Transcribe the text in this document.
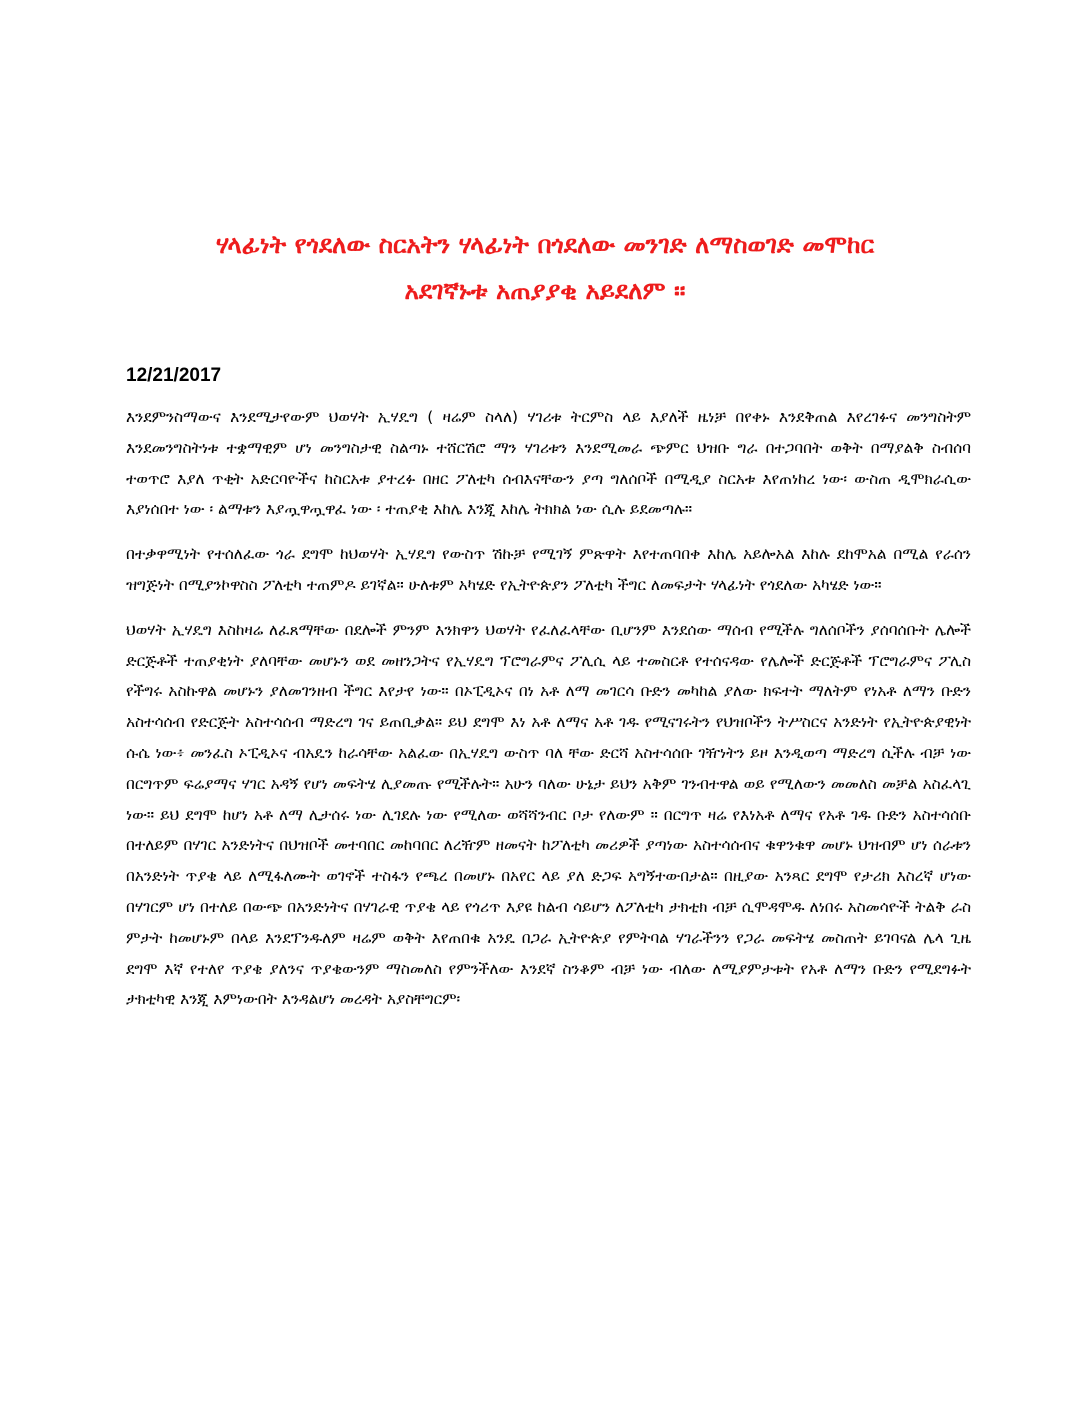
ሃላፊነት የጎደለው ስርአትን ሃላፊነት በጎደለው መንገድ ለማስወገድ መሞከር
አደገኛኑቱ አጠያያቂ አይደለም ።
12/21/2017

እንደምንስማውና እንደሚታየውም ህወሃት ኢሃዴግ ( ዛሬም ስላለ) ሃገሪቱ ትርምስ ላይ እያለች ዜነቻ በየቀኑ እንደቅጠል እየረገፉና መንግስትም እንደመንግስትነቱ ተቋማዊም ሆነ መንግስታዊ ስልጣኑ ተሸርሽሮ ማን ሃገሪቱን እንደሚመራ ጭምር ህዝቡ ግራ በተጋባበት ወቅት በማያልቅ ስብሰባ ተወጥሮ እያለ ጥቂት አድርባዮችና ከስርአቱ ያተረፉ በዘር ፖለቲካ ሰብእናቸውን ያጣ ግለሰቦች በሚዲያ ስርአቱ እየጠነከረ ነው፡ ውስጠ ዲሞክራሲው እያነሰበተ ነው ፡ ልማቱን እያጧዋጧዋፈ ነው ፡ ተጠያቂ እከሌ እንጂ እከሌ ትክክል ነው ሲሉ ይደመጣሉ።

በተቃዋሚነት የተሰለፈው ጎራ ደግሞ ከህወሃት ኢሃዴግ የውስጥ ሽኩቻ የሚገኝ ምጽዋት እየተጠባበቀ እከሌ አይሎአል እከሉ ደከሞአል በሚል የራሰን ዝግጅነት በሚያንኮዋስስ ፖለቲካ ተጠምዶ ይገኛል። ሁለቱም አካሄድ የኢትዮጵያን ፖለቲካ ችግር ለመፍታት ሃላፊነት የጎደለው አካሄድ ነው።

ህወሃት ኢሃዴግ እስከዛሬ ለፈጸማቸው በደሎች ምንም እንክዋን ህወሃት የፈለፈላቸው ቢሆንም እንደሰው ማሰብ የሚችሉ ግለሰቦችን ያሰባሰቡት ሌሎች ድርጅቶች ተጠያቂነት ያለባቸው መሆኑን ወደ መዘንጋትና የኢሃዴግ ፕሮግራምና ፖሊሲ ላይ ተመስርቶ የተሰናዳው የሌሎች ድርጅቶች ፕሮግራምና ፖሊስ የችግሩ አስኩዋል መሆኑን ያለመገንዘብ ችግር እየታየ ነው። በኦፒዲኦና በነ አቶ ለማ መገርሳ ቡድን መካከል ያለው ክፍተት ማለትም የነአቶ ለማን ቡድን አስተሳሰብ የድርጅት አስተሳሰብ ማድረግ ገና ይጠቢቃል። ይህ ደግሞ እነ አቶ ለማና አቶ ገዱ የሚናገሩትን የህዝቦችን ትሥስርና አንድነት የኢትዮጵያዊነት ሱሴ ነው፥ መንፈስ ኦፒዲኦና ብአዴን ከራሳቸው አልፈው በኢሃዴግ ውስጥ ባለ ቸው ድርሻ አስተሳሰቡ ገዥነትን ይዞ እንዲወጣ ማድረግ ሲችሉ ብቻ ነው በርግጥም ፍሬያማና ሃገር አዳኝ የሆነ መፍትሄ ሊያመጡ የሚችሉት። አሁን ባለው ሁኔታ ይህን አቅም ገንብተዋል ወይ የሚለውን መመለስ መቻል አስፈላጊ ነው። ይህ ደግሞ ከሆነ አቶ ለማ ሊታሰሩ ነው ሊገደሉ ነው የሚለው ወሻሻንብር ቦታ የለውም ። በርግጥ ዛሬ የእነአቶ ለማና የአቶ ገዱ ቡድን አስተሳሰቡ በተለይም በሃገር አንድነትና በህዝቦች መተባበር መከባበር ለረዥም ዘመናት ከፖለቲካ መሪዎች ያጣነው አስተሳሰብና ቁዋንቁዋ መሆኑ ህዝብም ሆነ ሰራቱን በአንድነት ጥያቄ ላይ ለሚፋለሙት ወገኖች ተስፋን የጫረ በመሆኑ በአየር ላይ ያለ ድጋፍ አግኝተውበታል። በዚያው አንጻር ደግሞ የታሪክ እስረኛ ሆነው በሃገርም ሆነ በተለይ በውጭ በአንድነትና በሃገራዊ ጥያቄ ላይ የጎሪጥ እያዩ ከልብ ሳይሆን ለፖለቲካ ታክቲክ ብቻ ሲሞዳሞዱ ለነበሩ አስመሳዮች ትልቅ ራስ ምታት ከመሆኑም በላይ እንደፕንዱለም ዛሬም ወቅት እየጠበቁ አንዴ በጋራ ኢትዮጵያ የምትባል ሃገራችንን የጋራ መፍትሄ መስጠት ይገባናል ሌላ ጊዜ ደግሞ እኛ የተለየ ጥያቄ ያለንና ጥያቄውንም ማስመለስ የምንችለው እንደኛ ስንቆም ብቻ ነው ብለው ለሚያምታቱት የአቶ ለማን ቡድን የሚደግፉት ታክቲካዊ እንጂ እምነውበት እንዳልሆነ መረዳት አያስቸግርም፡
